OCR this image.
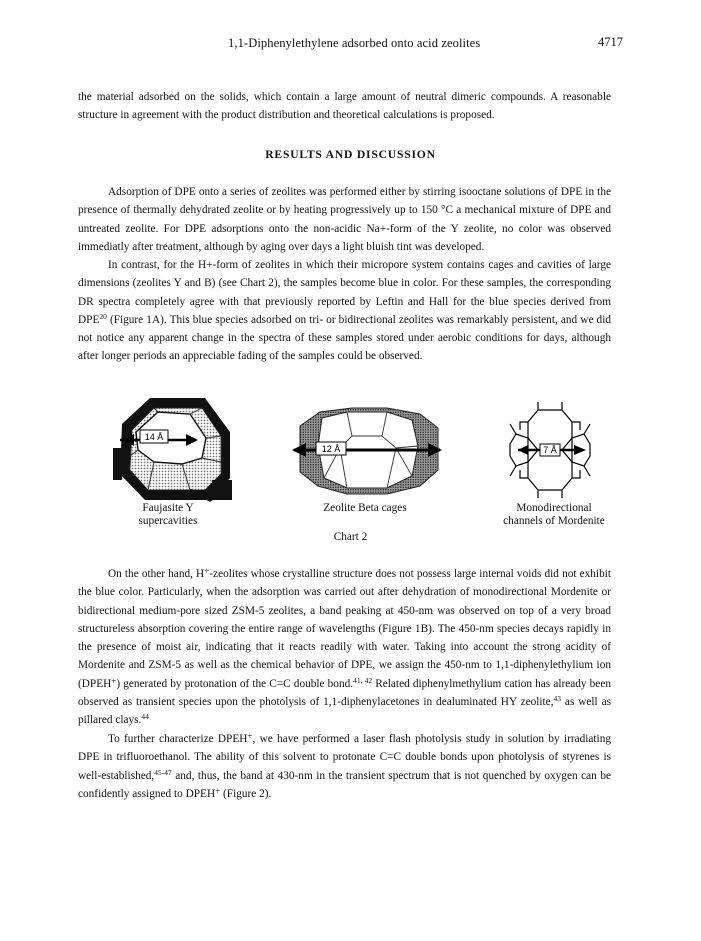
1,1-Diphenylethylene adsorbed onto acid zeolites	4717

the material adsorbed on the solids, which contain a large amount of neutral dimeric compounds. A reasonable structure in agreement with the product distribution and theoretical calculations is proposed.

RESULTS AND DISCUSSION

Adsorption of DPE onto a series of zeolites was performed either by stirring isooctane solutions of DPE in the presence of thermally dehydrated zeolite or by heating progressively up to 150 °C a mechanical mixture of DPE and untreated zeolite. For DPE adsorptions onto the non-acidic Na+-form of the Y zeolite, no color was observed immediatly after treatment, although by aging over days a light bluish tint was developed.

In contrast, for the H+-form of zeolites in which their micropore system contains cages and cavities of large dimensions (zeolites Y and B) (see Chart 2), the samples become blue in color. For these samples, the corresponding DR spectra completely agree with that previously reported by Leftin and Hall for the blue species derived from DPE$^{20}$ (Figure 1A). This blue species adsorbed on tri- or bidirectional zeolites was remarkably persistent, and we did not notice any apparent change in the spectra of these samples stored under aerobic conditions for days, although after longer periods an appreciable fading of the samples could be observed.

14 Å
12 Å	7 Å
Faujasite Y
supercavities
Zeolite Beta cages	Monodirectional
channels of Mordenite
Chart 2

On the other hand, H+-zeolites whose crystalline structure does not possess large internal voids did not exhibit the blue color. Particularly, when the adsorption was carried out after dehydration of monodirectional Mordenite or bidirectional medium-pore sized ZSM-5 zeolites, a band peaking at 450-nm was observed on top of a very broad structureless absorption covering the entire range of wavelengths (Figure 1B). The 450-nm species decays rapidly in the presence of moist air, indicating that it reacts readily with water. Taking into account the strong acidity of Mordenite and ZSM-5 as well as the chemical behavior of DPE, we assign the 450-nm to 1,1-diphenylethylium ion (DPEH+) generated by protonation of the C=C double bond.$^{41, 42}$ Related diphenylmethylium cation has already been observed as transient species upon the photolysis of 1,1-diphenylacetones in dealuminated HY zeolite,$^{43}$ as well as pillared clays.$^{44}$

To further characterize DPEH+, we have performed a laser flash photolysis study in solution by irradiating DPE in trifluoroethanol. The ability of this solvent to protonate C=C double bonds upon photolysis of styrenes is well-established,$^{45-47}$ and, thus, the band at 430-nm in the transient spectrum that is not quenched by oxygen can be confidently assigned to DPEH+ (Figure 2).
